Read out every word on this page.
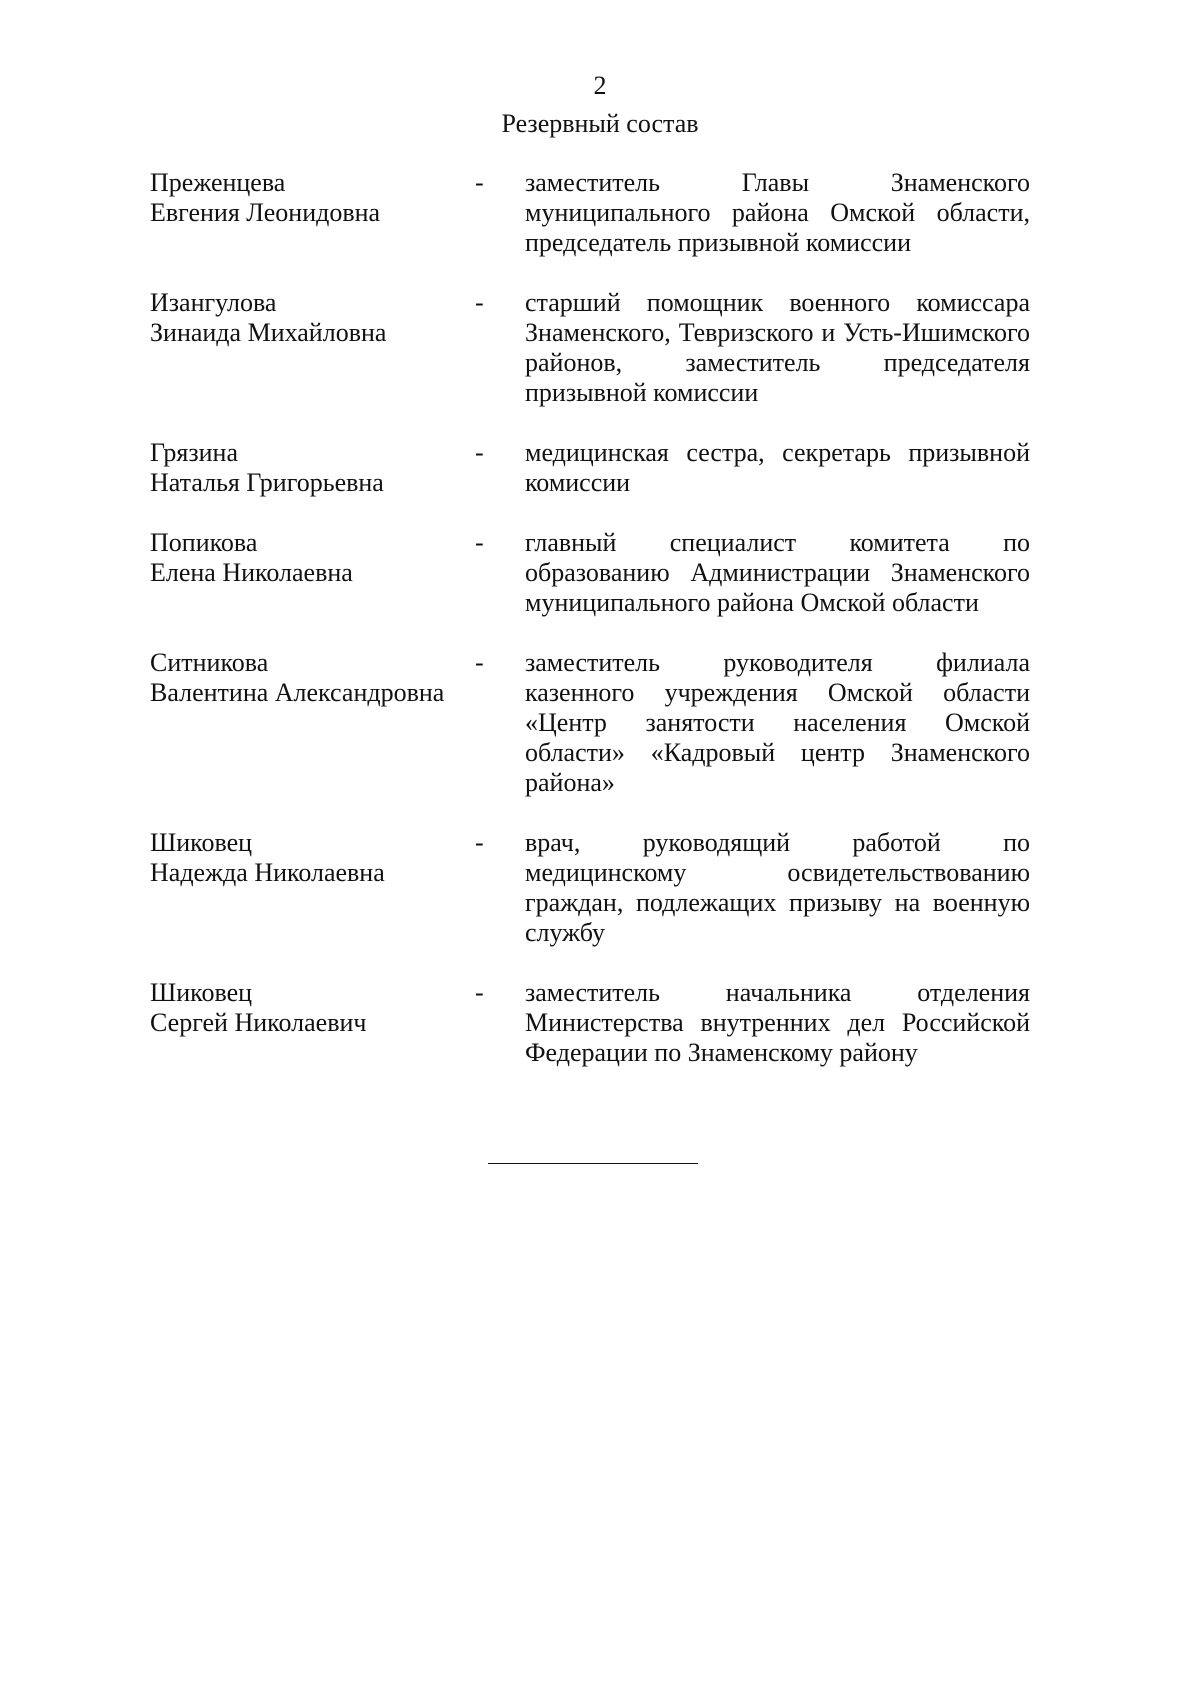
2
Резервный состав
Преженцева
Евгения Леонидовна
-	заместитель Главы Знаменского муниципального района Омской области, председатель призывной комиссии
Изангулова
Зинаида Михайловна
-	старший помощник военного комиссара Знаменского, Тевризского и Усть-Ишимского районов, заместитель председателя призывной комиссии
Грязина
Наталья Григорьевна
-	медицинская сестра, секретарь призывной комиссии
Попикова
Елена Николаевна
-	главный специалист комитета по образованию Администрации Знаменского муниципального района Омской области
Ситникова
Валентина Александровна
-	заместитель руководителя филиала казенного учреждения Омской области «Центр занятости населения Омской области» «Кадровый центр Знаменского района»
Шиковец
Надежда Николаевна
-	врач, руководящий работой по медицинскому освидетельствованию граждан, подлежащих призыву на военную службу
Шиковец
Сергей Николаевич
-	заместитель начальника отделения Министерства внутренних дел Российской Федерации по Знаменскому району
